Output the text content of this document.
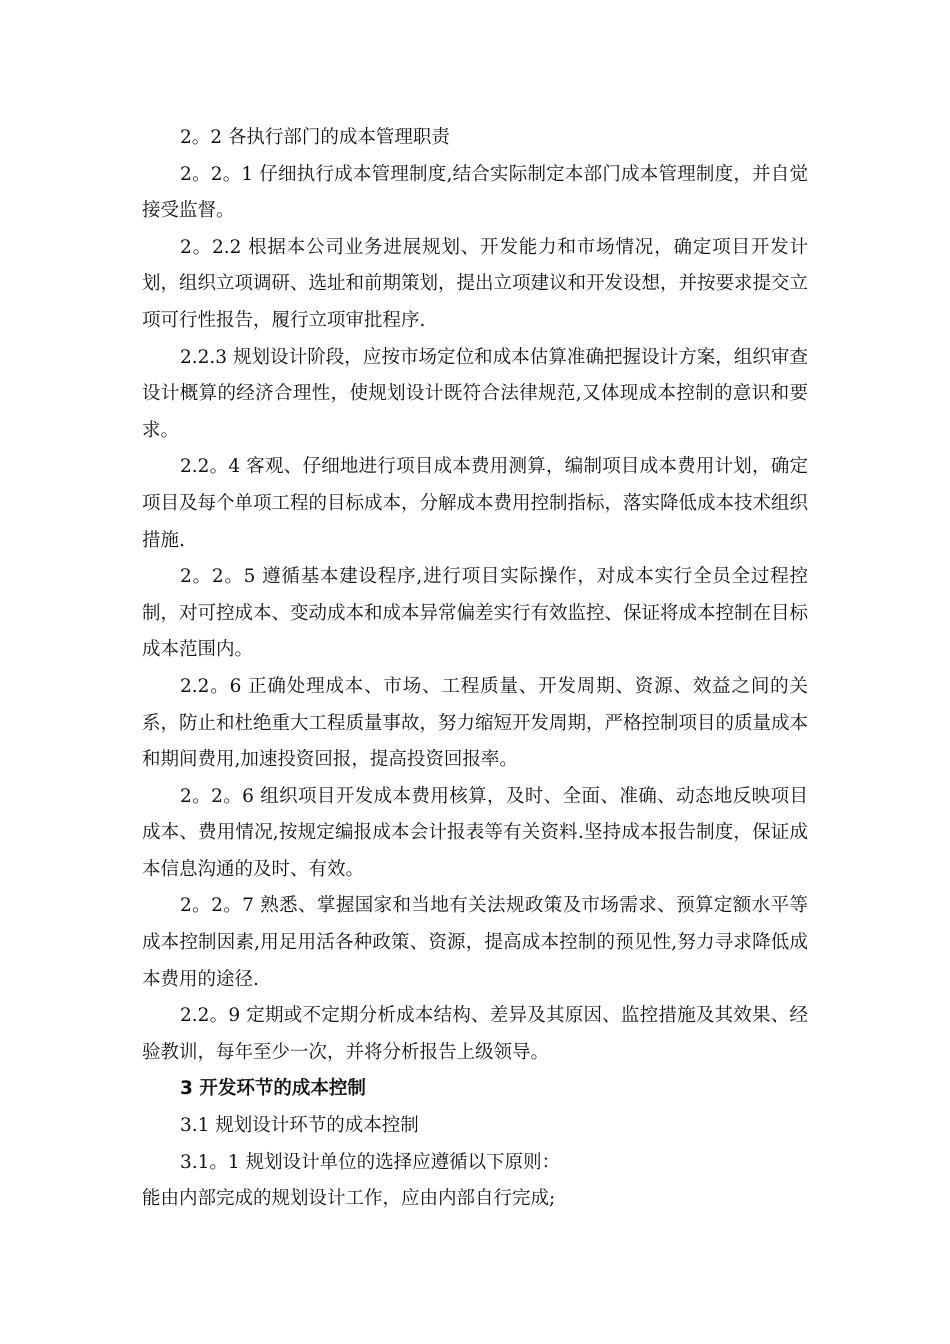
2。2 各执行部门的成本管理职责

2。2。1 仔细执行成本管理制度,结合实际制定本部门成本管理制度，并自觉接受监督。

2。2.2 根据本公司业务进展规划、开发能力和市场情况，确定项目开发计划，组织立项调研、选址和前期策划，提出立项建议和开发设想，并按要求提交立项可行性报告，履行立项审批程序.

2.2.3 规划设计阶段，应按市场定位和成本估算准确把握设计方案，组织审查设计概算的经济合理性，使规划设计既符合法律规范,又体现成本控制的意识和要求。

2.2。4 客观、仔细地进行项目成本费用测算，编制项目成本费用计划，确定项目及每个单项工程的目标成本，分解成本费用控制指标，落实降低成本技术组织措施.

2。2。5 遵循基本建设程序,进行项目实际操作，对成本实行全员全过程控制，对可控成本、变动成本和成本异常偏差实行有效监控、保证将成本控制在目标成本范围内。

2.2。6 正确处理成本、市场、工程质量、开发周期、资源、效益之间的关系，防止和杜绝重大工程质量事故，努力缩短开发周期，严格控制项目的质量成本和期间费用,加速投资回报，提高投资回报率。

2。2。6 组织项目开发成本费用核算，及时、全面、准确、动态地反映项目成本、费用情况,按规定编报成本会计报表等有关资料.坚持成本报告制度，保证成本信息沟通的及时、有效。

2。2。7 熟悉、掌握国家和当地有关法规政策及市场需求、预算定额水平等成本控制因素,用足用活各种政策、资源，提高成本控制的预见性,努力寻求降低成本费用的途径.

2.2。9 定期或不定期分析成本结构、差异及其原因、监控措施及其效果、经验教训，每年至少一次，并将分析报告上级领导。

3 开发环节的成本控制

3.1 规划设计环节的成本控制

3.1。1 规划设计单位的选择应遵循以下原则：

能由内部完成的规划设计工作，应由内部自行完成;
